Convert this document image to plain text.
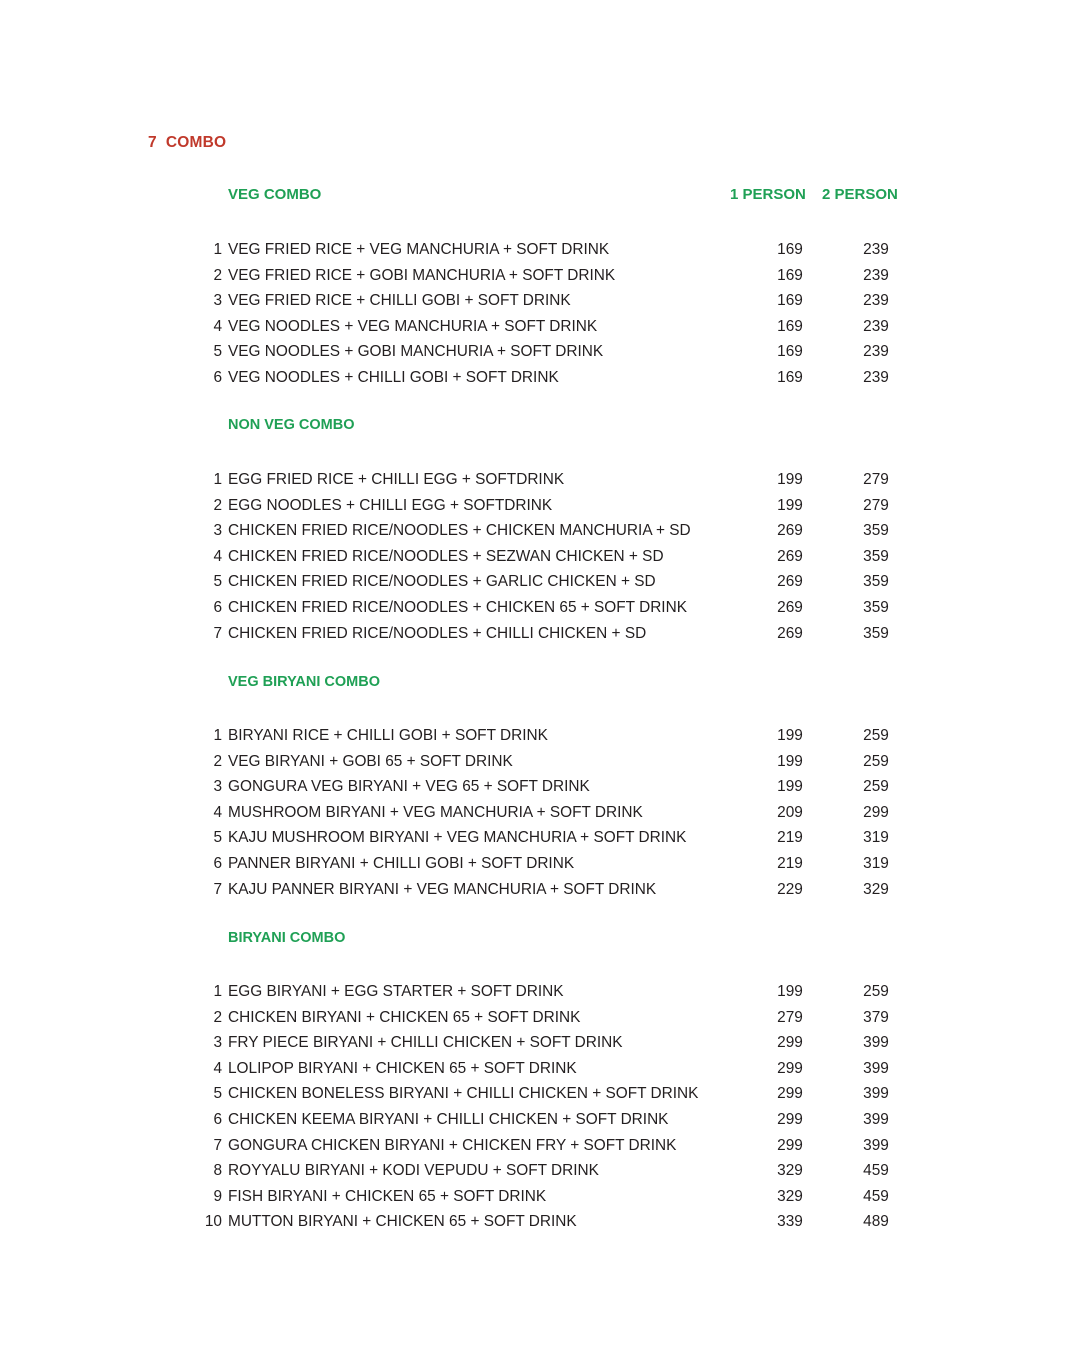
7  COMBO
VEG COMBO	1 PERSON 2 PERSON
1 VEG FRIED RICE + VEG MANCHURIA + SOFT DRINK	169	239
2 VEG FRIED RICE + GOBI MANCHURIA + SOFT DRINK	169	239
3 VEG FRIED RICE + CHILLI GOBI + SOFT DRINK	169	239
4 VEG NOODLES + VEG MANCHURIA + SOFT DRINK	169	239
5 VEG NOODLES + GOBI MANCHURIA + SOFT DRINK	169	239
6 VEG NOODLES + CHILLI GOBI + SOFT DRINK	169	239
NON VEG COMBO
1 EGG FRIED RICE + CHILLI EGG + SOFTDRINK	199	279
2 EGG NOODLES + CHILLI EGG + SOFTDRINK	199	279
3 CHICKEN FRIED RICE/NOODLES + CHICKEN MANCHURIA + SD	269	359
4 CHICKEN FRIED RICE/NOODLES + SEZWAN CHICKEN + SD	269	359
5 CHICKEN FRIED RICE/NOODLES + GARLIC CHICKEN + SD	269	359
6 CHICKEN FRIED RICE/NOODLES + CHICKEN 65 + SOFT DRINK	269	359
7 CHICKEN FRIED RICE/NOODLES + CHILLI CHICKEN + SD	269	359
VEG BIRYANI COMBO
1 BIRYANI RICE + CHILLI GOBI + SOFT DRINK	199	259
2 VEG BIRYANI + GOBI 65 + SOFT DRINK	199	259
3 GONGURA VEG BIRYANI + VEG 65 + SOFT DRINK	199	259
4 MUSHROOM BIRYANI + VEG MANCHURIA + SOFT DRINK	209	299
5 KAJU MUSHROOM BIRYANI + VEG MANCHURIA + SOFT DRINK	219	319
6 PANNER BIRYANI + CHILLI GOBI + SOFT DRINK	219	319
7 KAJU PANNER BIRYANI + VEG MANCHURIA + SOFT DRINK	229	329
BIRYANI COMBO
1 EGG BIRYANI + EGG STARTER + SOFT DRINK	199	259
2 CHICKEN BIRYANI + CHICKEN 65 + SOFT DRINK	279	379
3 FRY PIECE BIRYANI + CHILLI CHICKEN + SOFT DRINK	299	399
4 LOLIPOP BIRYANI + CHICKEN 65 + SOFT DRINK	299	399
5 CHICKEN BONELESS BIRYANI + CHILLI CHICKEN + SOFT DRINK	299	399
6 CHICKEN KEEMA BIRYANI + CHILLI CHICKEN + SOFT DRINK	299	399
7 GONGURA CHICKEN BIRYANI + CHICKEN FRY + SOFT DRINK	299	399
8 ROYYALU BIRYANI + KODI VEPUDU + SOFT DRINK	329	459
9 FISH BIRYANI + CHICKEN 65 + SOFT DRINK	329	459
10 MUTTON BIRYANI + CHICKEN 65 + SOFT DRINK	339	489
